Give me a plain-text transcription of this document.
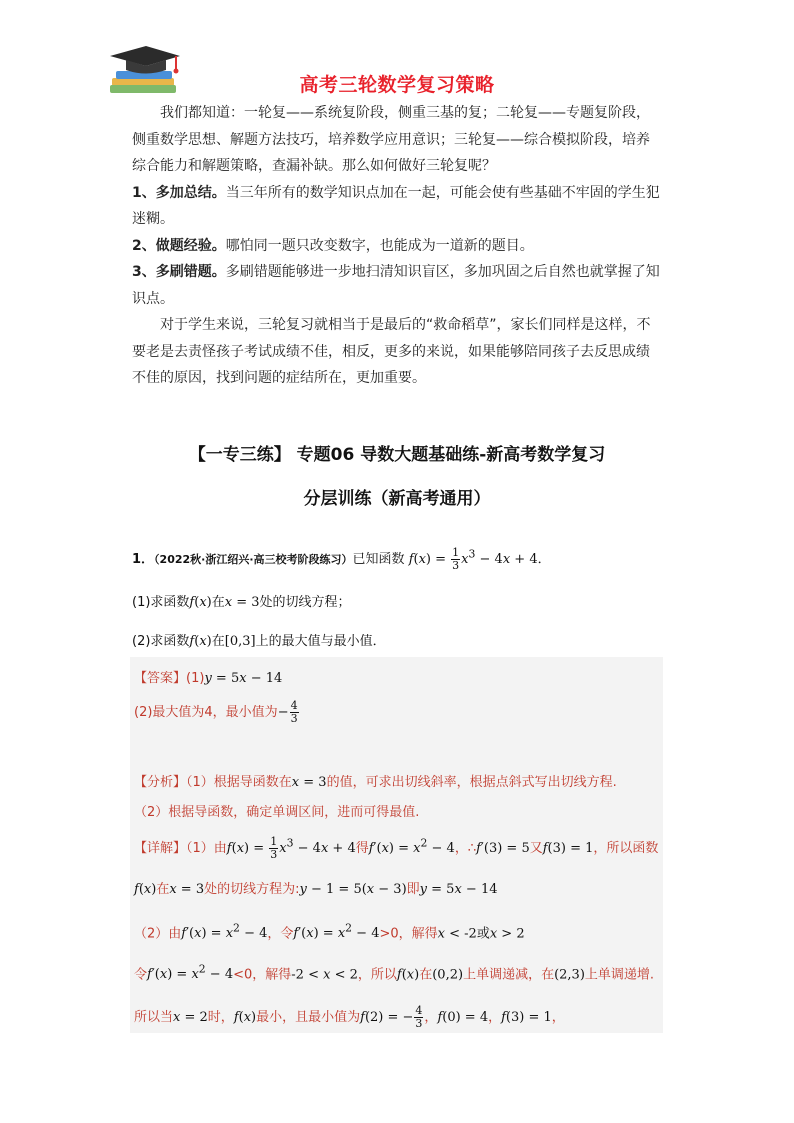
高考三轮数学复习策略

我们都知道：一轮复——系统复阶段，侧重三基的复；二轮复——专题复阶段，侧重数学思想、解题方法技巧，培养数学应用意识；三轮复——综合模拟阶段，培养综合能力和解题策略，查漏补缺。那么如何做好三轮复呢？

1、多加总结。当三年所有的数学知识点加在一起，可能会使有些基础不牢固的学生犯迷糊。

2、做题经验。哪怕同一题只改变数字，也能成为一道新的题目。

3、多刷错题。多刷错题能够进一步地扫清知识盲区，多加巩固之后自然也就掌握了知识点。

对于学生来说，三轮复习就相当于是最后的“救命稻草”，家长们同样是这样，不要老是去责怪孩子考试成绩不佳，相反，更多的来说，如果能够陪同孩子去反思成绩不佳的原因，找到问题的症结所在，更加重要。

【一专三练】 专题06 导数大题基础练-新高考数学复习
分层训练（新高考通用）
1．（2022秋·浙江绍兴·高三校考阶段练习）已知函数 $f(x) = \frac{1}{3} x^3 - 4x + 4$．
(1)求函数f(x)在x = 3处的切线方程；
(2)求函数f(x)在[0,3]上的最大值与最小值．
【答案】(1)y = 5x − 14
(2)最大值为4，最小值为− $\frac{4}{3}$
【分析】（1）根据导函数在x = 3的值，可求出切线斜率，根据点斜式写出切线方程.
（2）根据导函数，确定单调区间，进而可得最值.
【详解】（1）由$f(x) = \frac{1}{3} x^3 - 4x + 4$得$f'(x) = x^2 - 4$，∴f′(3) = 5又f(3) = 1，所以函数
f(x)在x = 3处的切线方程为:y − 1 = 5(x − 3)即y = 5x − 14
（2）由$f'(x) = x^2 - 4$，令$f'(x) = x^2 - 4>0$，解得x < -2或x > 2
令$f'(x) = x^2 - 4<0$，解得-2 < x < 2，所以f(x)在(0,2)上单调递减，在(2,3)上单调递增.
所以当x = 2时，f(x)最小，且最小值为f(2) = − $\frac{4}{3}$ ，f(0) = 4，f(3) = 1，
